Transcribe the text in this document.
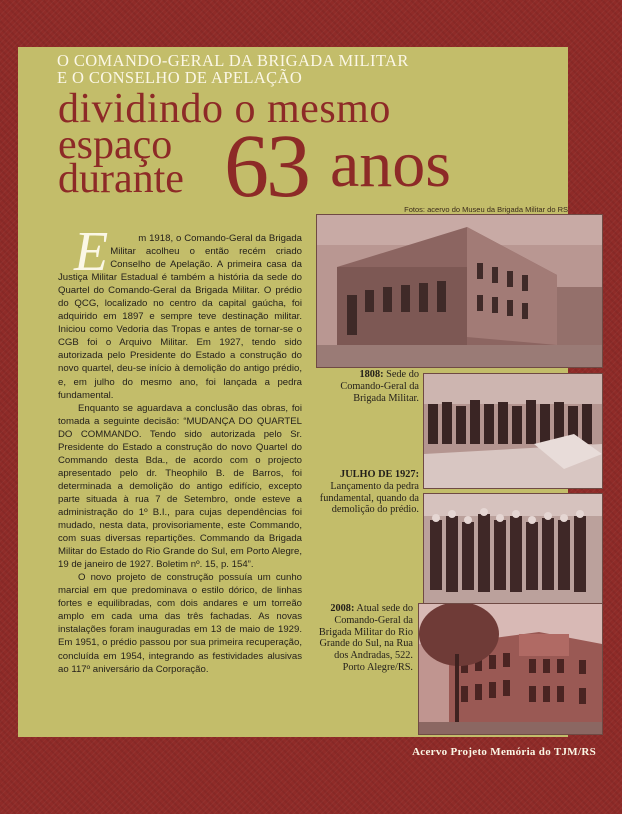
O COMANDO-GERAL DA BRIGADA MILITAR
E O CONSELHO DE APELAÇÃO
dividindo o mesmo
espaço
durante 63 anos

Fotos: acervo do Museu da Brigada Militar do RS

E	m 1918, o Comando-Geral da Brigada Militar acolheu o então recém criado Conselho de Apelação. A primeira casa da Justiça Militar Estadual é também a história da sede do Quartel do Comando-Geral da Brigada Militar. O prédio do QCG, localizado no centro da capital gaúcha, foi adquirido em 1897 e sempre teve destinação militar. Iniciou como Vedoria das Tropas e antes de tornar-se o CGB foi o Arquivo Militar. Em 1927, tendo sido autorizada pelo Presidente do Estado a construção do novo quartel, deu-se início à demolição do antigo prédio, e, em julho do mesmo ano, foi lançada a pedra fundamental.

Enquanto se aguardava a conclusão das obras, foi tomada a seguinte decisão: “MUDANÇA DO QUARTEL DO COMMANDO. Tendo sido autorizada pelo Sr. Presidente do Estado a construção do novo Quartel do Commando desta Bda., de acordo com o projecto apresentado pelo dr. Theophilo B. de Barros, foi determinada a demolição do antigo edifício, excepto parte situada à rua 7 de Setembro, onde esteve a administração do 1º B.I., para cujas dependências foi mudado, nesta data, provisoriamente, este Commando, com suas diversas repartições. Commando da Brigada Militar do Estado do Rio Grande do Sul, em Porto Alegre, 19 de janeiro de 1927. Boletim nº. 15, p. 154”.

O novo projeto de construção possuía um cunho marcial em que predominava o estilo dórico, de linhas fortes e equilibradas, com dois andares e um torreão amplo em cada uma das três fachadas. As novas instalações foram inauguradas em 13 de maio de 1929. Em 1951, o prédio passou por sua primeira recuperação, concluída em 1954, integrando as festividades alusivas ao 117º aniversário da Corporação.

1808: Sede do Comando-Geral da Brigada Militar.

JULHO DE 1927: Lançamento da pedra fundamental, quando da demolição do prédio.

2008: Atual sede do Comando-Geral da Brigada Militar do Rio Grande do Sul, na Rua dos Andradas, 522. Porto Alegre/RS.

Acervo Projeto Memória do TJM/RS
